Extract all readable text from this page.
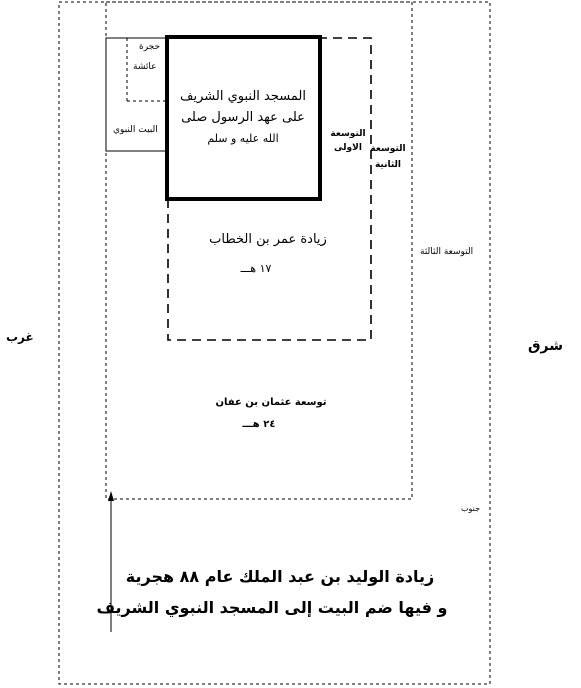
حجرة
عائشة
البيت النبوي
المسجد النبوي الشريف
على عهد الرسول صلى
الله عليه و سلم	التوسعة
الاولى التوسعة
الثانية
التوسعة الثالثة
زيادة عمر بن الخطاب
١٧ هـــ
توسعة عثمان بن عفان
٢٤ هـــ
غرب
شرق
جنوب
زيادة الوليد بن عبد الملك عام ٨٨ هجرية
و فيها ضم البيت إلى المسجد النبوي الشريف
